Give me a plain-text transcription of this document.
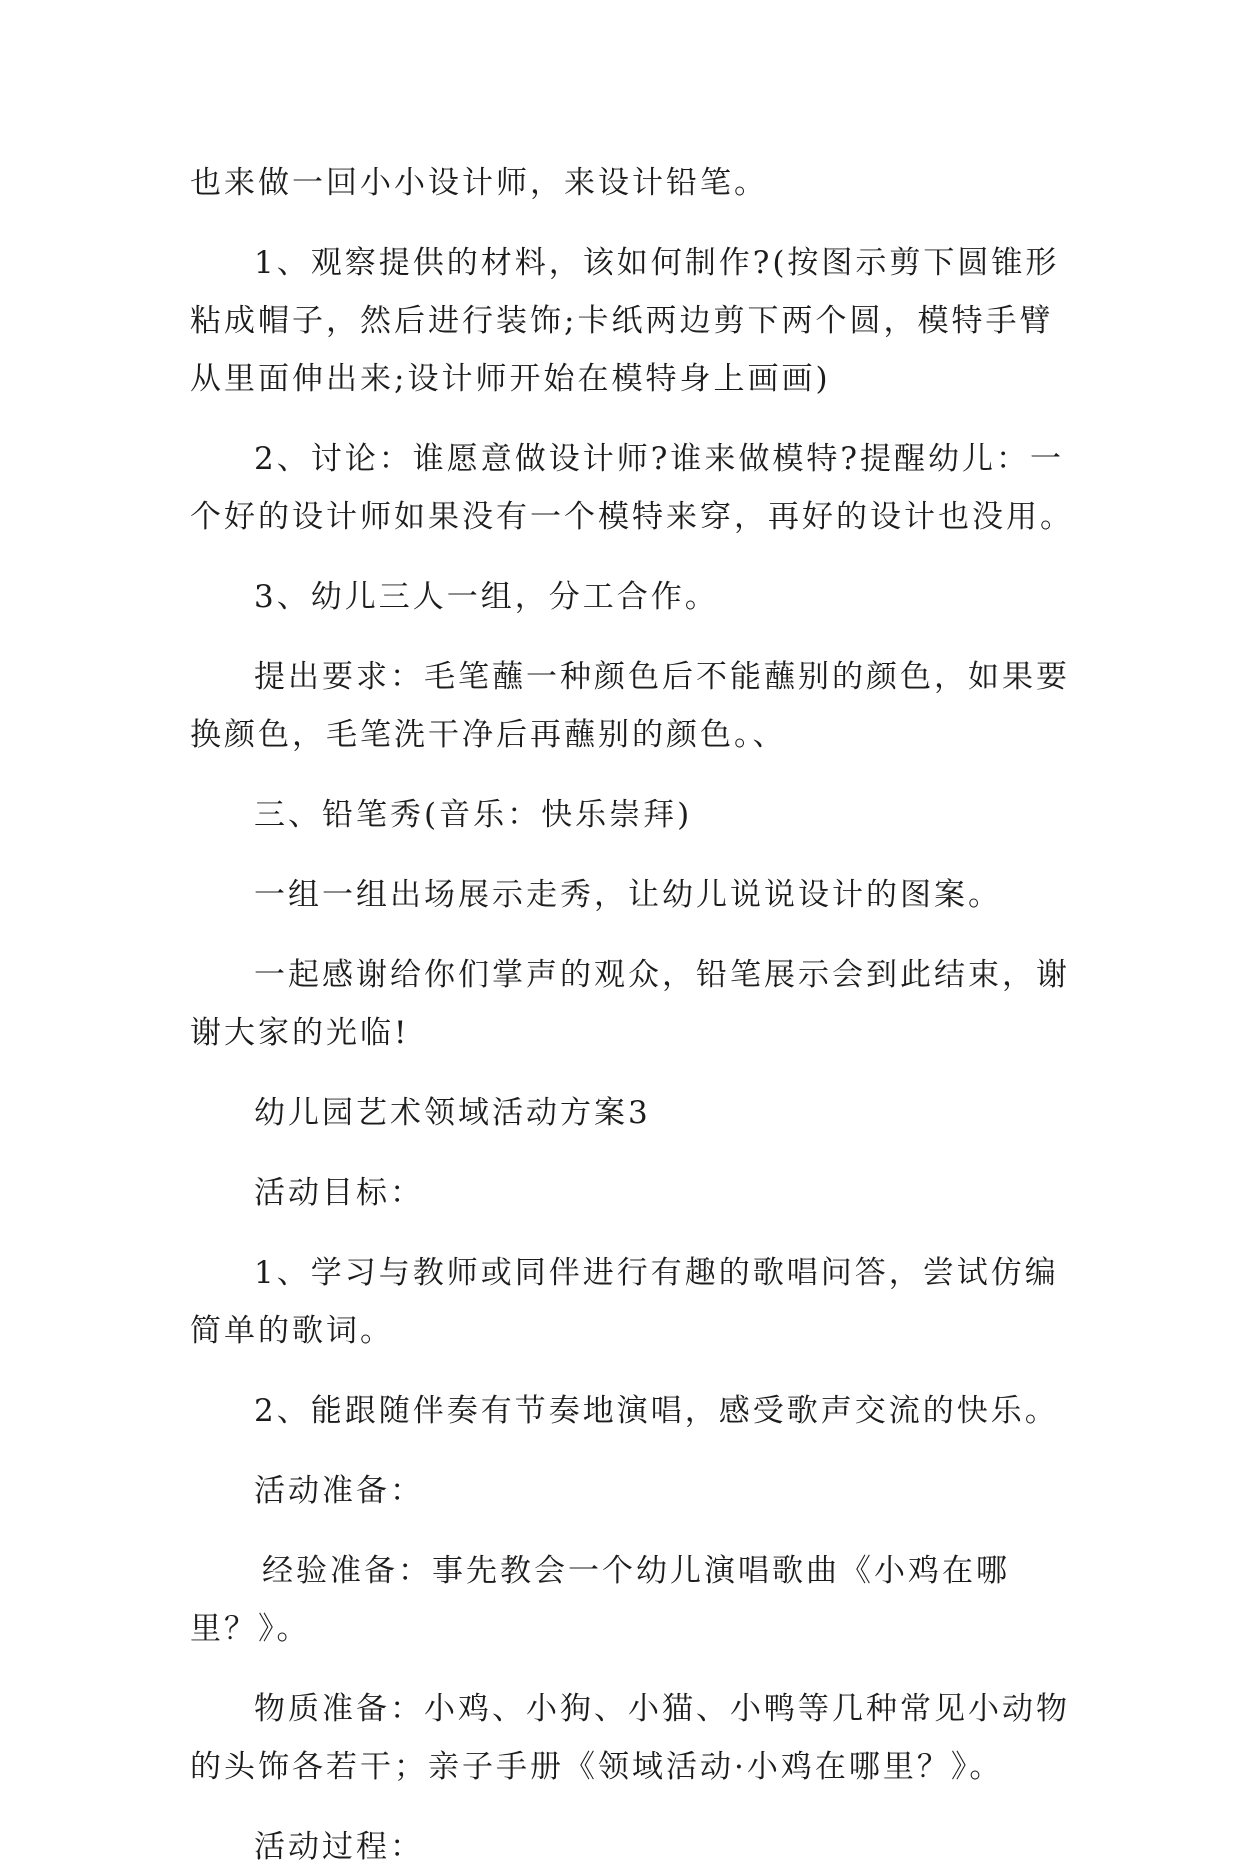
也来做一回小小设计师，来设计铅笔。
1、观察提供的材料，该如何制作?(按图示剪下圆锥形
粘成帽子，然后进行装饰;卡纸两边剪下两个圆，模特手臂
从里面伸出来;设计师开始在模特身上画画)
2、讨论：谁愿意做设计师?谁来做模特?提醒幼儿：一
个好的设计师如果没有一个模特来穿，再好的设计也没用。
3、幼儿三人一组，分工合作。
提出要求：毛笔蘸一种颜色后不能蘸别的颜色，如果要
换颜色，毛笔洗干净后再蘸别的颜色。、
三、铅笔秀(音乐：快乐崇拜)
一组一组出场展示走秀，让幼儿说说设计的图案。
一起感谢给你们掌声的观众，铅笔展示会到此结束，谢
谢大家的光临!
幼儿园艺术领域活动方案3
活动目标：
1、学习与教师或同伴进行有趣的歌唱问答，尝试仿编
简单的歌词。
2、能跟随伴奏有节奏地演唱，感受歌声交流的快乐。
活动准备：
经验准备：事先教会一个幼儿演唱歌曲《小鸡在哪
里？》。
物质准备：小鸡、小狗、小猫、小鸭等几种常见小动物
的头饰各若干；亲子手册《领域活动·小鸡在哪里？》。
活动过程：
